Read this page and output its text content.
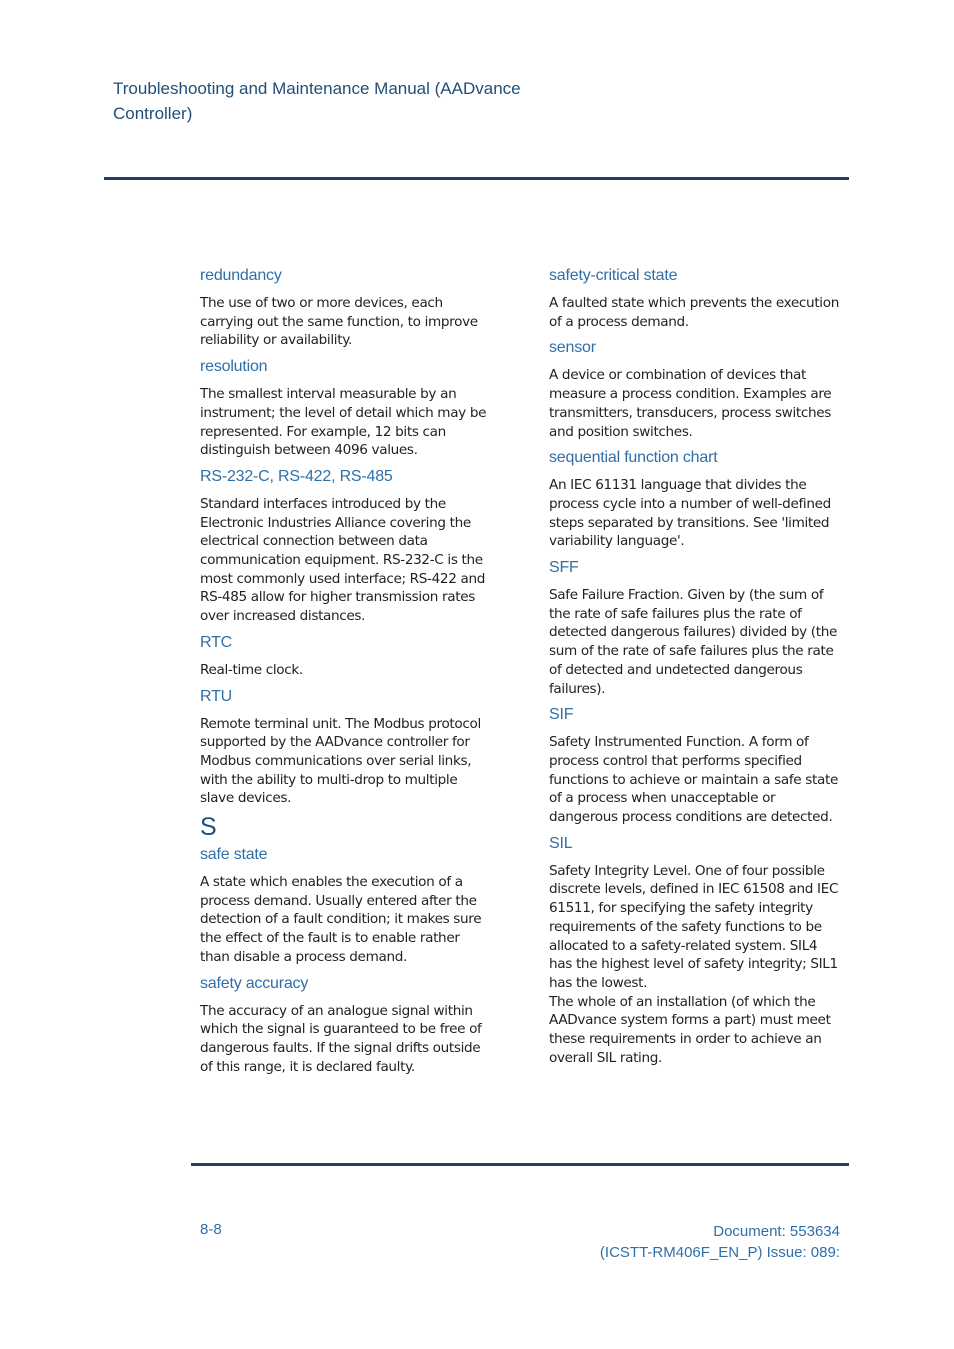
Troubleshooting and Maintenance Manual (AADvance Controller)
redundancy
The use of two or more devices, each carrying out the same function, to improve reliability or availability.
resolution
The smallest interval measurable by an instrument; the level of detail which may be represented. For example, 12 bits can distinguish between 4096 values.
RS-232-C, RS-422, RS-485
Standard interfaces introduced by the Electronic Industries Alliance covering the electrical connection between data communication equipment. RS-232-C is the most commonly used interface; RS-422 and RS-485 allow for higher transmission rates over increased distances.
RTC
Real-time clock.
RTU
Remote terminal unit. The Modbus protocol supported by the AADvance controller for Modbus communications over serial links, with the ability to multi-drop to multiple slave devices.
S
safe state
A state which enables the execution of a process demand. Usually entered after the detection of a fault condition; it makes sure the effect of the fault is to enable rather than disable a process demand.
safety accuracy
The accuracy of an analogue signal within which the signal is guaranteed to be free of dangerous faults. If the signal drifts outside of this range, it is declared faulty.
safety-critical state
A faulted state which prevents the execution of a process demand.
sensor
A device or combination of devices that measure a process condition. Examples are transmitters, transducers, process switches and position switches.
sequential function chart
An IEC 61131 language that divides the process cycle into a number of well-defined steps separated by transitions. See 'limited variability language'.
SFF
Safe Failure Fraction. Given by (the sum of the rate of safe failures plus the rate of detected dangerous failures) divided by (the sum of the rate of safe failures plus the rate of detected and undetected dangerous failures).
SIF
Safety Instrumented Function. A form of process control that performs specified functions to achieve or maintain a safe state of a process when unacceptable or dangerous process conditions are detected.
SIL
Safety Integrity Level. One of four possible discrete levels, defined in IEC 61508 and IEC 61511, for specifying the safety integrity requirements of the safety functions to be allocated to a safety-related system. SIL4 has the highest level of safety integrity; SIL1 has the lowest.
The whole of an installation (of which the AADvance system forms a part) must meet these requirements in order to achieve an overall SIL rating.
8-8	Document: 553634
(ICSTT-RM406F_EN_P) Issue: 089:
